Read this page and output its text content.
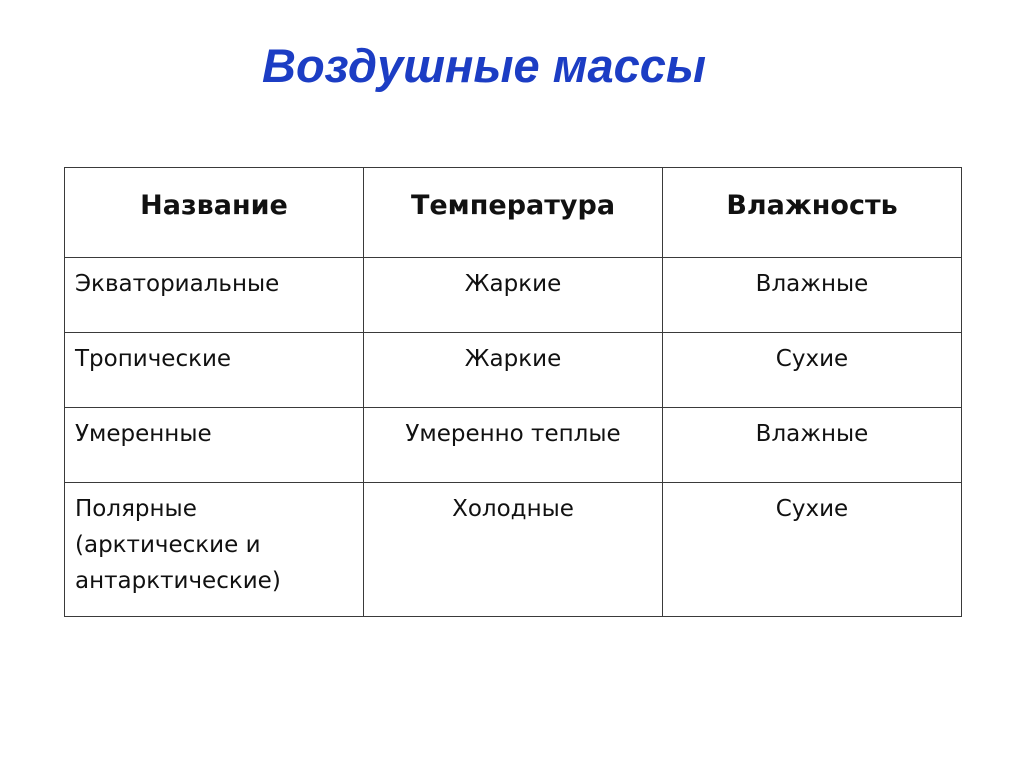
Воздушные массы
Название	Температура	Влажность
Экваториальные	Жаркие	Влажные
Тропические	Жаркие	Сухие
Умеренные	Умеренно теплые	Влажные
Полярные (арктические и антарктические)	Холодные	Сухие
